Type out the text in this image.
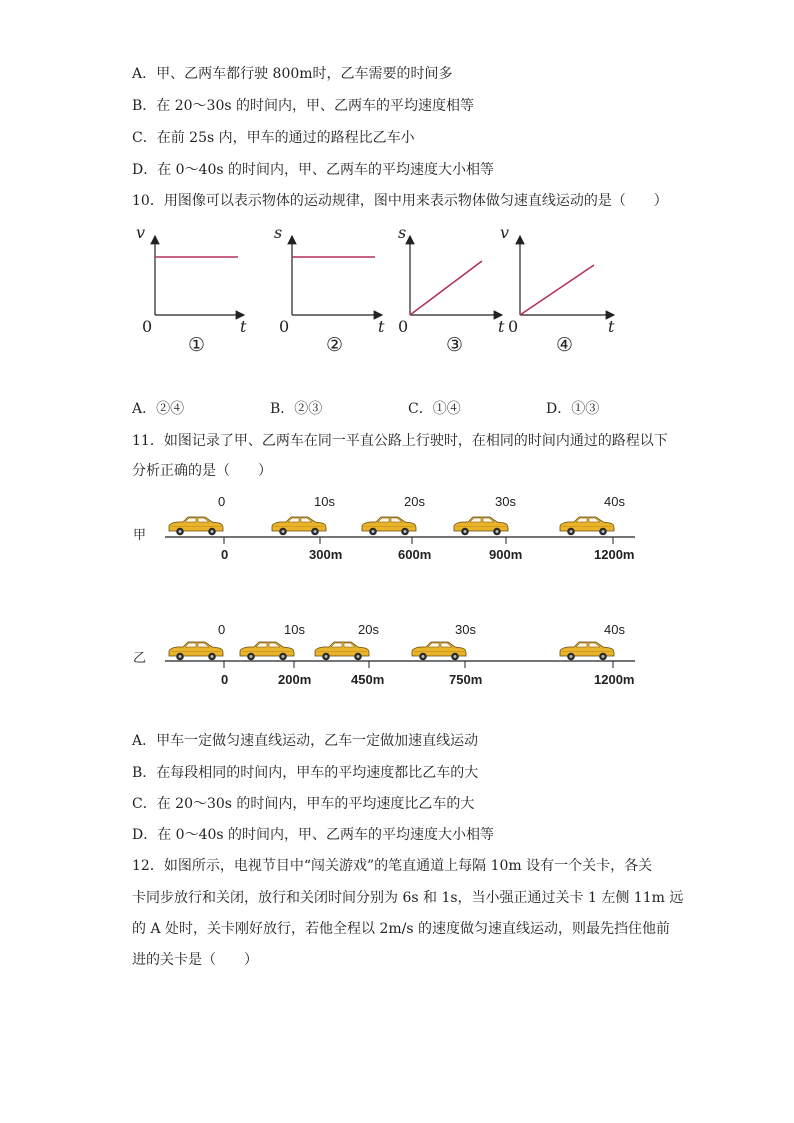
A．甲、乙两车都行驶 800m时，乙车需要的时间多
B．在 20～30s 的时间内，甲、乙两车的平均速度相等
C．在前 25s 内，甲车的通过的路程比乙车小
D．在 0～40s 的时间内，甲、乙两车的平均速度大小相等
10．用图像可以表示物体的运动规律，图中用来表示物体做匀速直线运动的是（　　）
v
t
0
①
s
t
0
②
s
t
0
③
v
t
0
④
A．②④	B．②③	C．①④	D．①③
11．如图记录了甲、乙两车在同一平直公路上行驶时，在相同的时间内通过的路程以下
分析正确的是（　　）
甲
0	10s	20s	30s	40s
0	300m	600m	900m	1200m
乙
0	10s	20s	30s	40s
0	200m	450m	750m	1200m
A．甲车一定做匀速直线运动，乙车一定做加速直线运动
B．在每段相同的时间内，甲车的平均速度都比乙车的大
C．在 20～30s 的时间内，甲车的平均速度比乙车的大
D．在 0～40s 的时间内，甲、乙两车的平均速度大小相等
12．如图所示，电视节目中“闯关游戏”的笔直通道上每隔 10m 设有一个关卡，各关
卡同步放行和关闭，放行和关闭时间分别为 6s 和 1s，当小强正通过关卡 1 左侧 11m 远
的 A 处时，关卡刚好放行，若他全程以 2m/s 的速度做匀速直线运动，则最先挡住他前
进的关卡是（　　）
